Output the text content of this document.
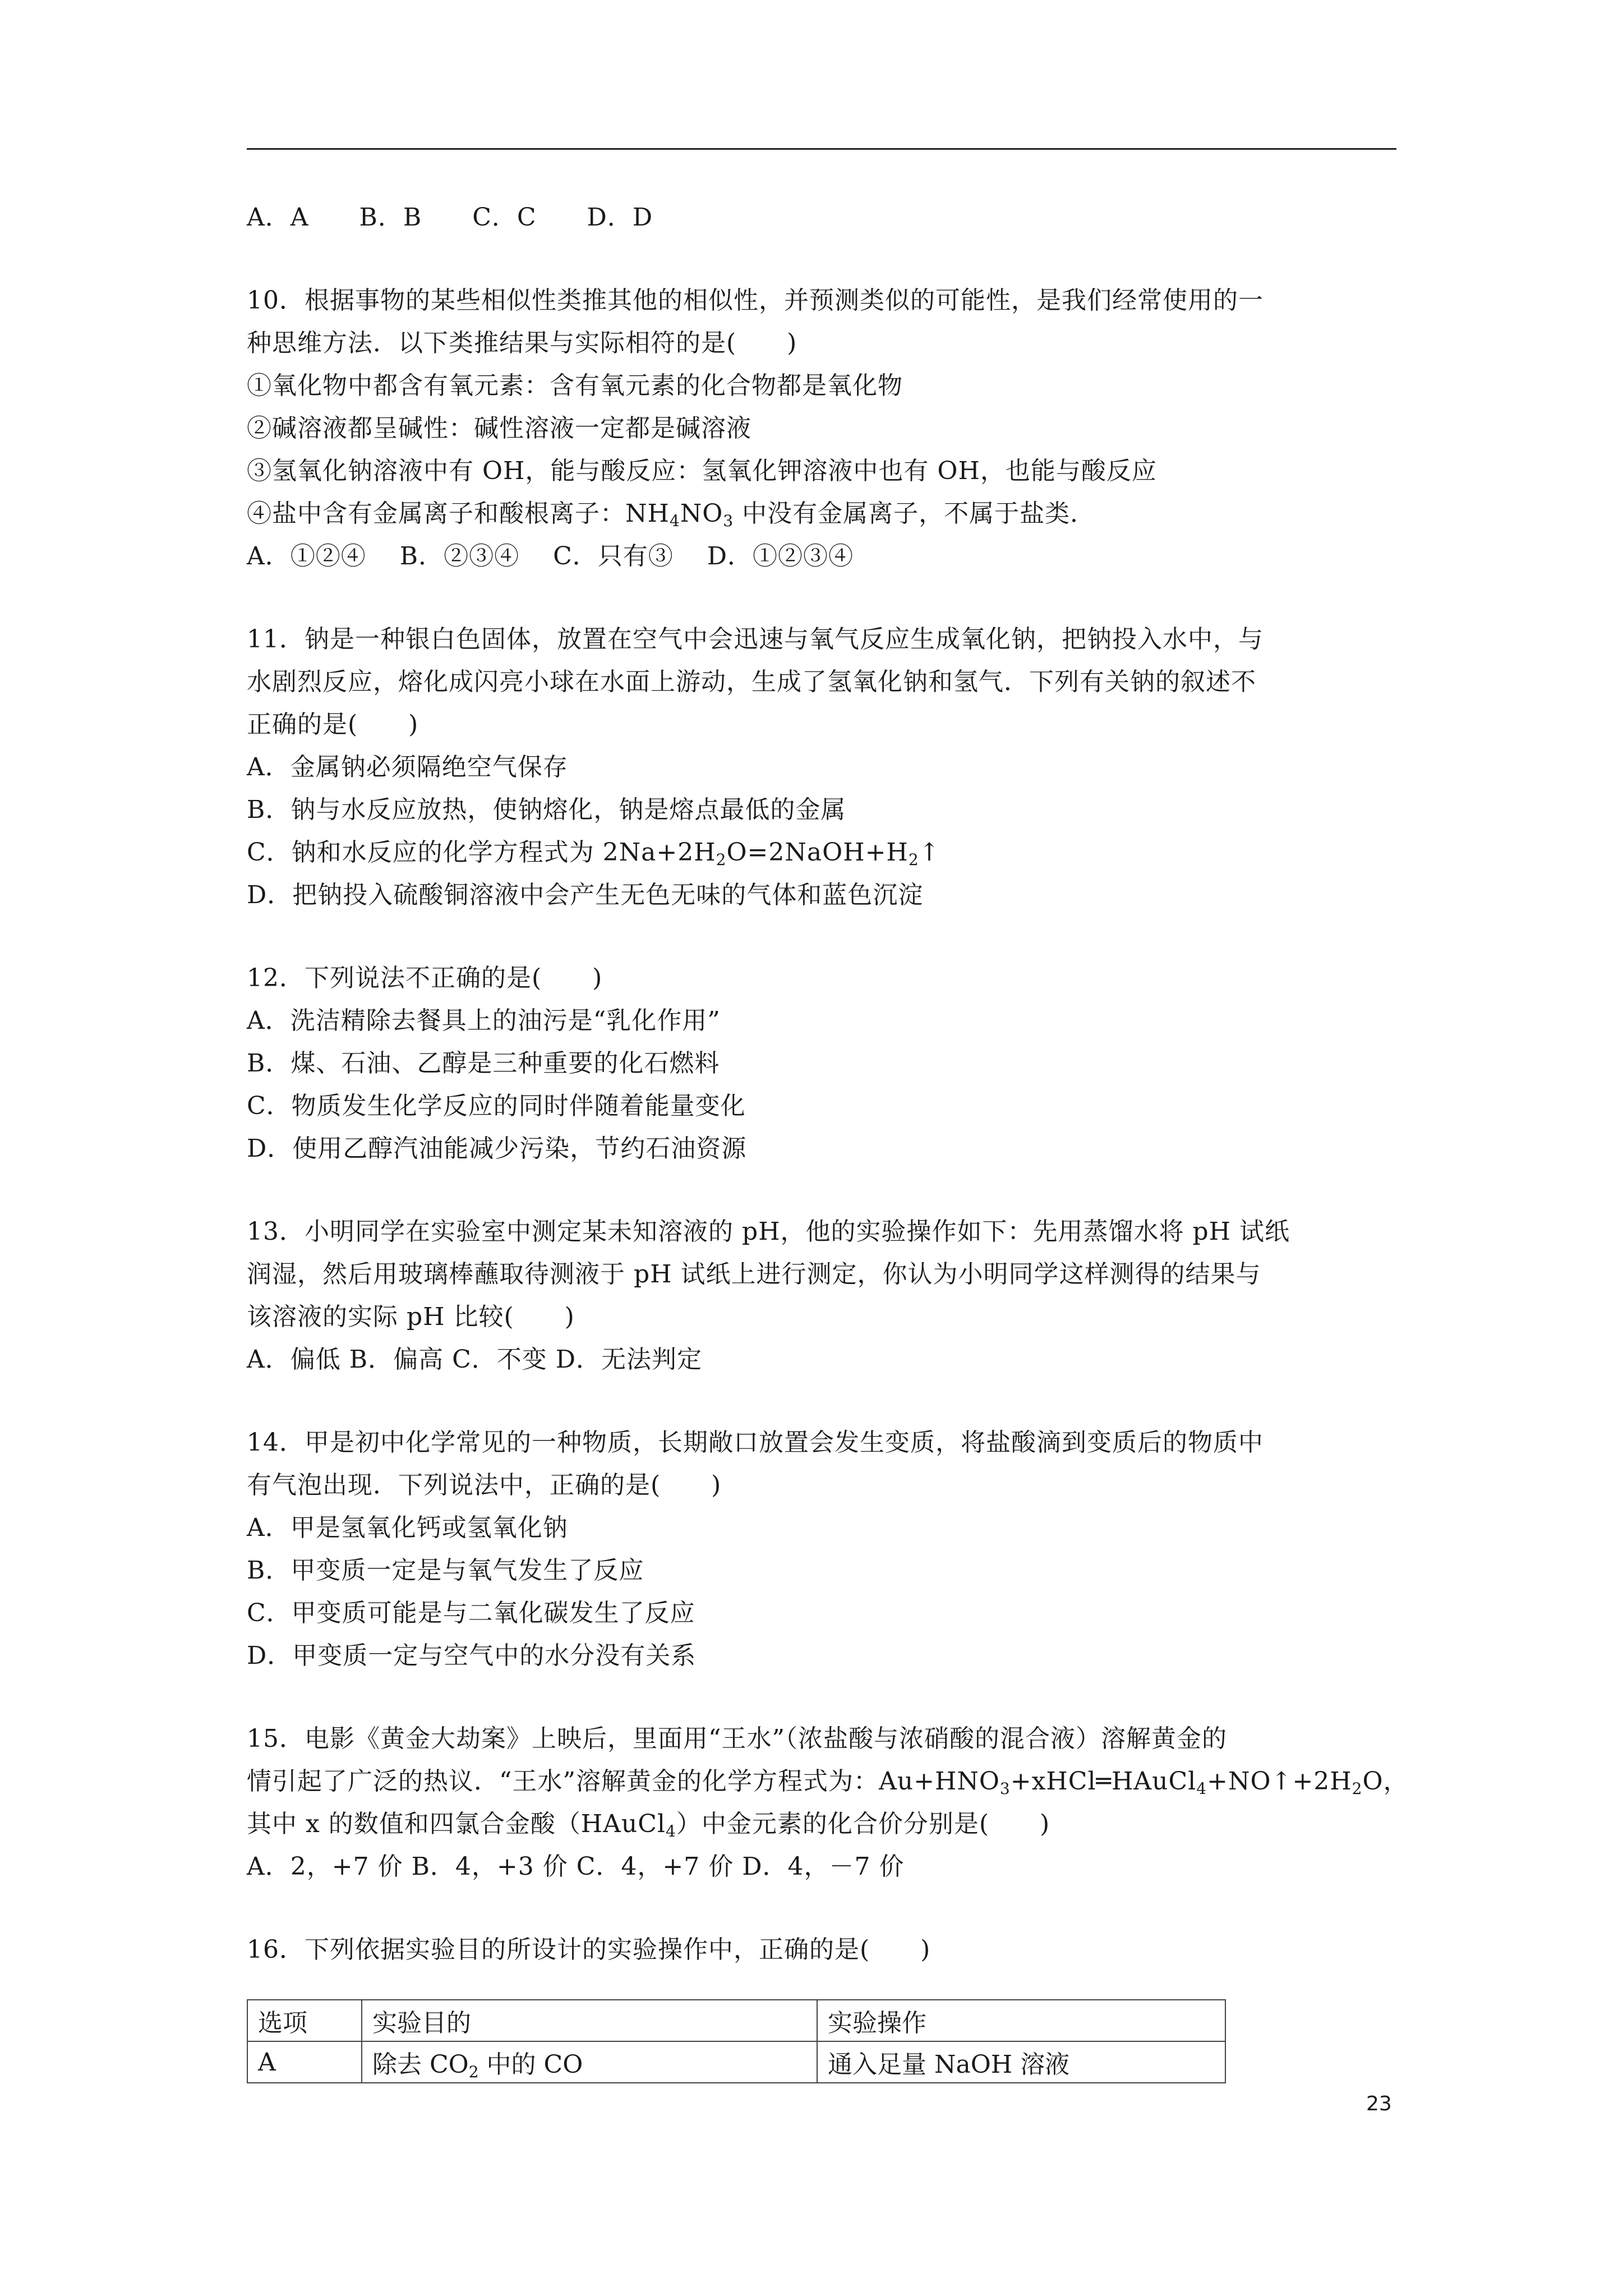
A．A　　B．B　　C．C　　D．D
10．根据事物的某些相似性类推其他的相似性，并预测类似的可能性，是我们经常使用的一
种思维方法．以下类推结果与实际相符的是(　　)
①氧化物中都含有氧元素：含有氧元素的化合物都是氧化物
②碱溶液都呈碱性：碱性溶液一定都是碱溶液
③氢氧化钠溶液中有 OH，能与酸反应：氢氧化钾溶液中也有 OH，也能与酸反应
④盐中含有金属离子和酸根离子：$NH_4NO_3$ 中没有金属离子，不属于盐类．
A．①②④　 B．②③④　 C．只有③　 D．①②③④
11．钠是一种银白色固体，放置在空气中会迅速与氧气反应生成氧化钠，把钠投入水中，与
水剧烈反应，熔化成闪亮小球在水面上游动，生成了氢氧化钠和氢气．下列有关钠的叙述不
正确的是(　　)
A．金属钠必须隔绝空气保存
B．钠与水反应放热，使钠熔化，钠是熔点最低的金属
C．钠和水反应的化学方程式为 $2Na+2H_2O=2NaOH+H_2↑$
D．把钠投入硫酸铜溶液中会产生无色无味的气体和蓝色沉淀
12．下列说法不正确的是(　　)
A．洗洁精除去餐具上的油污是“乳化作用”
B．煤、石油、乙醇是三种重要的化石燃料
C．物质发生化学反应的同时伴随着能量变化
D．使用乙醇汽油能减少污染，节约石油资源
13．小明同学在实验室中测定某未知溶液的 pH，他的实验操作如下：先用蒸馏水将 pH 试纸
润湿，然后用玻璃棒蘸取待测液于 pH 试纸上进行测定，你认为小明同学这样测得的结果与
该溶液的实际 pH 比较(　　)
A．偏低 B．偏高 C．不变 D．无法判定
14．甲是初中化学常见的一种物质，长期敞口放置会发生变质，将盐酸滴到变质后的物质中
有气泡出现．下列说法中，正确的是(　　)
A．甲是氢氧化钙或氢氧化钠
B．甲变质一定是与氧气发生了反应
C．甲变质可能是与二氧化碳发生了反应
D．甲变质一定与空气中的水分没有关系
15．电影《黄金大劫案》上映后，里面用“王水”（浓盐酸与浓硝酸的混合液）溶解黄金的
情引起了广泛的热议．“王水”溶解黄金的化学方程式为：$Au+HNO_3+xHCl═HAuCl_4+NO↑+2H_2O$，
其中 x 的数值和四氯合金酸（HAuCl$_4$）中金元素的化合价分别是(　　)
A．2，+7 价 B．4，+3 价 C．4，+7 价 D．4，－7 价
16．下列依据实验目的所设计的实验操作中，正确的是(　　)
选项	实验目的	实验操作
A	除去 $CO_2$ 中的 CO	通入足量 NaOH 溶液
23
